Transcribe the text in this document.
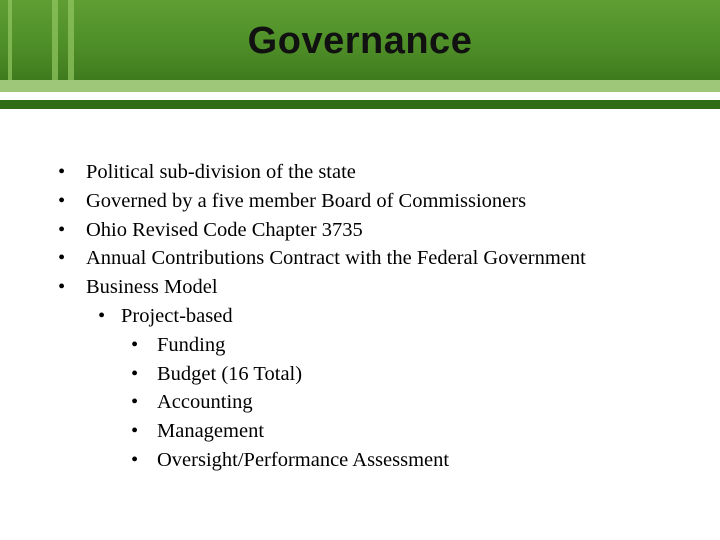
Governance
• Political sub-division of the state
• Governed by a five member Board of Commissioners
• Ohio Revised Code Chapter 3735
• Annual Contributions Contract with the Federal Government
• Business Model
• Project-based
• Funding
• Budget (16 Total)
• Accounting
• Management
• Oversight/Performance Assessment
